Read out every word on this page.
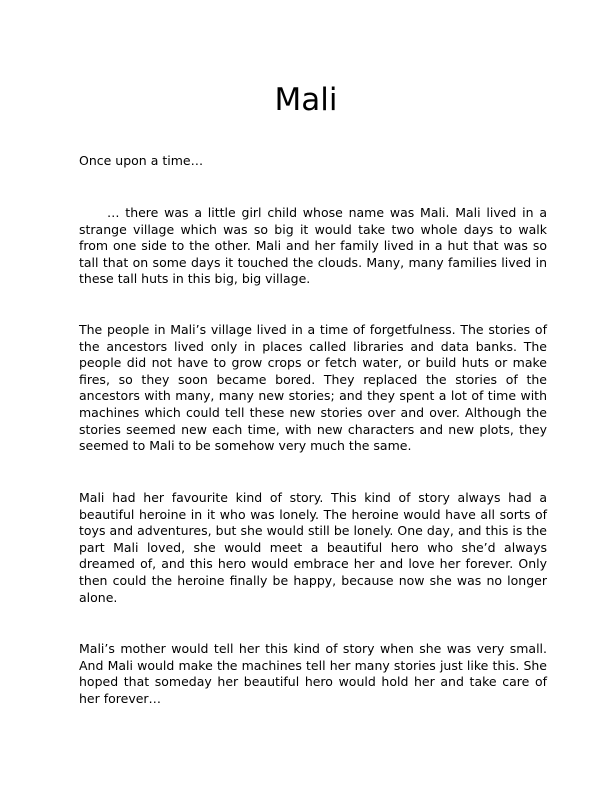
Mali
Once upon a time…

… there was a little girl child whose name was Mali. Mali lived in a strange village which was so big it would take two whole days to walk from one side to the other. Mali and her family lived in a hut that was so tall that on some days it touched the clouds. Many, many families lived in these tall huts in this big, big village.

The people in Mali’s village lived in a time of forgetfulness. The stories of the ancestors lived only in places called libraries and data banks. The people did not have to grow crops or fetch water, or build huts or make fires, so they soon became bored. They replaced the stories of the ancestors with many, many new stories; and they spent a lot of time with machines which could tell these new stories over and over. Although the stories seemed new each time, with new characters and new plots, they seemed to Mali to be somehow very much the same.

Mali had her favourite kind of story. This kind of story always had a beautiful heroine in it who was lonely. The heroine would have all sorts of toys and adventures, but she would still be lonely. One day, and this is the part Mali loved, she would meet a beautiful hero who she’d always dreamed of, and this hero would embrace her and love her forever. Only then could the heroine finally be happy, because now she was no longer alone.

Mali’s mother would tell her this kind of story when she was very small. And Mali would make the machines tell her many stories just like this. She hoped that someday her beautiful hero would hold her and take care of her forever…
